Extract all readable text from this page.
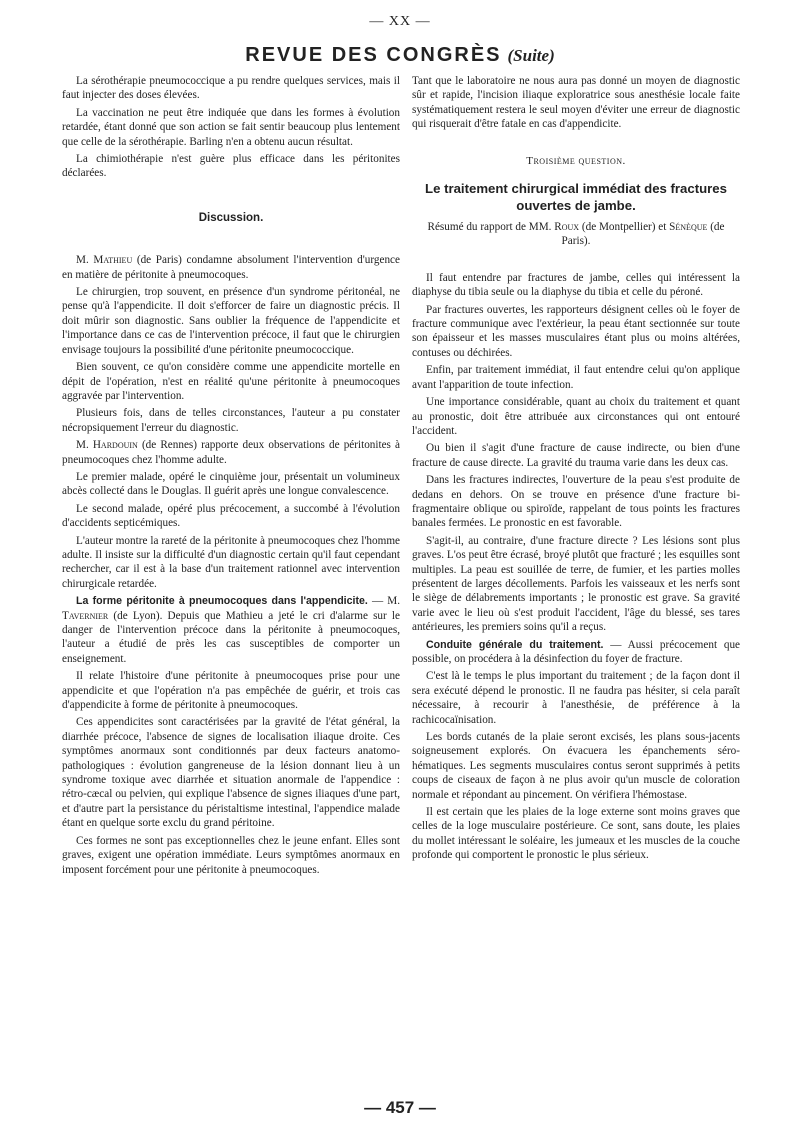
— XX —
REVUE DES CONGRÈS (Suite)

La sérothérapie pneumococcique a pu rendre quelques services, mais il faut injecter des doses élevées.

La vaccination ne peut être indiquée que dans les formes à évolution retardée, étant donné que son action se fait sentir beaucoup plus lentement que celle de la sérothérapie. Barling n'en a obtenu aucun résultat.

La chimiothérapie n'est guère plus efficace dans les péritonites déclarées.

Discussion.

M. Mathieu (de Paris) condamne absolument l'intervention d'urgence en matière de péritonite à pneumocoques.

Le chirurgien, trop souvent, en présence d'un syndrome péritonéal, ne pense qu'à l'appendicite. Il doit s'efforcer de faire un diagnostic précis. Il doit mûrir son diagnostic. Sans oublier la fréquence de l'appendicite et l'importance dans ce cas de l'intervention précoce, il faut que le chirurgien envisage toujours la possibilité d'une péritonite pneumococcique.

Bien souvent, ce qu'on considère comme une appendicite mortelle en dépit de l'opération, n'est en réalité qu'une péritonite à pneumocoques aggravée par l'intervention.

Plusieurs fois, dans de telles circonstances, l'auteur a pu constater nécropsiquement l'erreur du diagnostic.

M. Hardouin (de Rennes) rapporte deux observations de péritonites à pneumocoques chez l'homme adulte.

Le premier malade, opéré le cinquième jour, présentait un volumineux abcès collecté dans le Douglas. Il guérit après une longue convalescence.

Le second malade, opéré plus précocement, a succombé à l'évolution d'accidents septicémiques.

L'auteur montre la rareté de la péritonite à pneumocoques chez l'homme adulte. Il insiste sur la difficulté d'un diagnostic certain qu'il faut cependant rechercher, car il est à la base d'un traitement rationnel avec intervention chirurgicale retardée.

La forme péritonite à pneumocoques dans l'appendicite. — M. Tavernier (de Lyon). Depuis que Mathieu a jeté le cri d'alarme sur le danger de l'intervention précoce dans la péritonite à pneumocoques, l'auteur a étudié de près les cas susceptibles de comporter un enseignement.

Il relate l'histoire d'une péritonite à pneumocoques prise pour une appendicite et que l'opération n'a pas empêchée de guérir, et trois cas d'appendicite à forme de péritonite à pneumocoques.

Ces appendicites sont caractérisées par la gravité de l'état général, la diarrhée précoce, l'absence de signes de localisation iliaque droite. Ces symptômes anormaux sont conditionnés par deux facteurs anatomo-pathologiques : évolution gangreneuse de la lésion donnant lieu à un syndrome toxique avec diarrhée et situation anormale de l'appendice : rétro-cæcal ou pelvien, qui explique l'absence de signes iliaques d'une part, et d'autre part la persistance du péristaltisme intestinal, l'appendice malade étant en quelque sorte exclu du grand péritoine.

Ces formes ne sont pas exceptionnelles chez le jeune enfant. Elles sont graves, exigent une opération immédiate. Leurs symptômes anormaux en imposent forcément pour une péritonite à pneumocoques.

Tant que le laboratoire ne nous aura pas donné un moyen de diagnostic sûr et rapide, l'incision iliaque exploratrice sous anesthésie locale faite systématiquement restera le seul moyen d'éviter une erreur de diagnostic qui risquerait d'être fatale en cas d'appendicite.

Troisième question.
Le traitement chirurgical immédiat des fractures ouvertes de jambe.
Résumé du rapport de MM. Roux (de Montpellier) et Sénèque (de Paris).

Il faut entendre par fractures de jambe, celles qui intéressent la diaphyse du tibia seule ou la diaphyse du tibia et celle du péroné.

Par fractures ouvertes, les rapporteurs désignent celles où le foyer de fracture communique avec l'extérieur, la peau étant sectionnée sur toute son épaisseur et les masses musculaires étant plus ou moins altérées, contuses ou déchirées.

Enfin, par traitement immédiat, il faut entendre celui qu'on applique avant l'apparition de toute infection.

Une importance considérable, quant au choix du traitement et quant au pronostic, doit être attribuée aux circonstances qui ont entouré l'accident.

Ou bien il s'agit d'une fracture de cause indirecte, ou bien d'une fracture de cause directe. La gravité du trauma varie dans les deux cas.

Dans les fractures indirectes, l'ouverture de la peau s'est produite de dedans en dehors. On se trouve en présence d'une fracture bi-fragmentaire oblique ou spiroïde, rappelant de tous points les fractures banales fermées. Le pronostic en est favorable.

S'agit-il, au contraire, d'une fracture directe ? Les lésions sont plus graves. L'os peut être écrasé, broyé plutôt que fracturé ; les esquilles sont multiples. La peau est souillée de terre, de fumier, et les parties molles présentent de larges décollements. Parfois les vaisseaux et les nerfs sont le siège de délabrements importants ; le pronostic est grave. Sa gravité varie avec le lieu où s'est produit l'accident, l'âge du blessé, ses tares antérieures, les premiers soins qu'il a reçus.

Conduite générale du traitement. — Aussi précocement que possible, on procédera à la désinfection du foyer de fracture.

C'est là le temps le plus important du traitement ; de la façon dont il sera exécuté dépend le pronostic. Il ne faudra pas hésiter, si cela paraît nécessaire, à recourir à l'anesthésie, de préférence à la rachicocaïnisation.

Les bords cutanés de la plaie seront excisés, les plans sous-jacents soigneusement explorés. On évacuera les épanchements séro-hématiques. Les segments musculaires contus seront supprimés à petits coups de ciseaux de façon à ne plus avoir qu'un muscle de coloration normale et répondant au pincement. On vérifiera l'hémostase.

Il est certain que les plaies de la loge externe sont moins graves que celles de la loge musculaire postérieure. Ce sont, sans doute, les plaies du mollet intéressant le soléaire, les jumeaux et les muscles de la couche profonde qui comportent le pronostic le plus sérieux.

— 457 —
